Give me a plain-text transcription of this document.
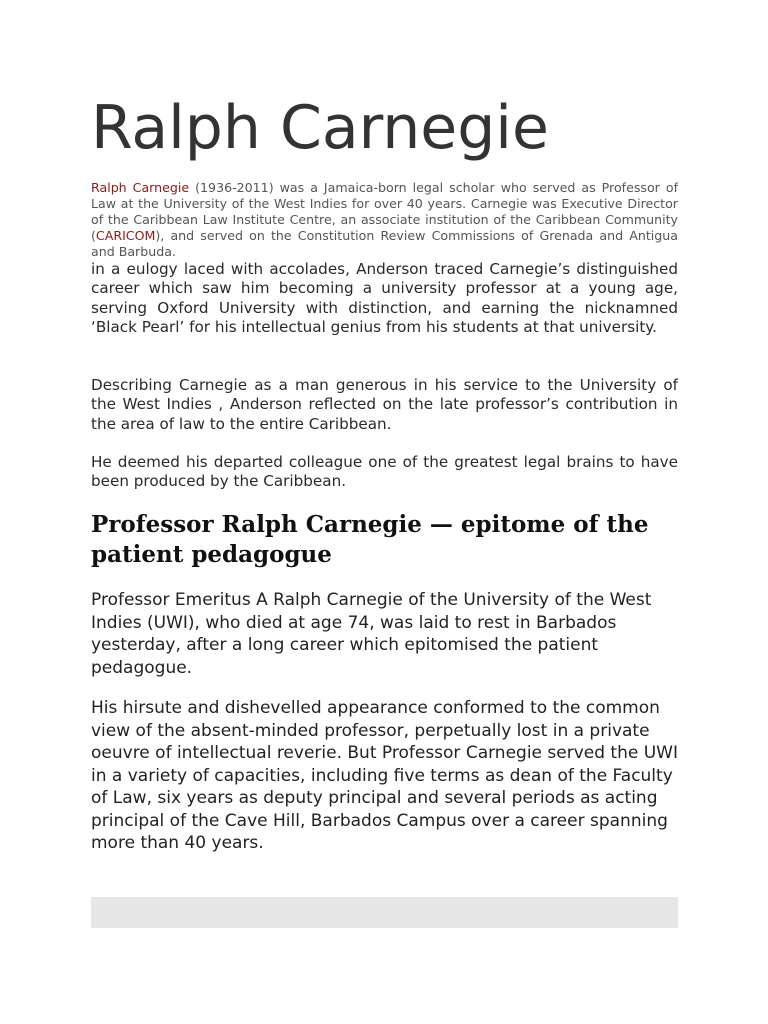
Ralph Carnegie

Ralph Carnegie (1936-2011) was a Jamaica-born legal scholar who served as Professor of Law at the University of the West Indies for over 40 years. Carnegie was Executive Director of the Caribbean Law Institute Centre, an associate institution of the Caribbean Community (CARICOM), and served on the Constitution Review Commissions of Grenada and Antigua and Barbuda.

in a eulogy laced with accolades, Anderson traced Carnegie’s distinguished career which saw him becoming a university professor at a young age, serving Oxford University with distinction, and earning the nicknamned ‘Black Pearl’ for his intellectual genius from his students at that university.

Describing Carnegie as a man generous in his service to the University of the West Indies , Anderson reflected on the late professor’s contribution in the area of law to the entire Caribbean.

He deemed his departed colleague one of the greatest legal brains to have been produced by the Caribbean.

Professor Ralph Carnegie — epitome of the patient pedagogue

Professor Emeritus A Ralph Carnegie of the University of the West Indies (UWI), who died at age 74, was laid to rest in Barbados yesterday, after a long career which epitomised the patient pedagogue.

His hirsute and dishevelled appearance conformed to the common view of the absent-minded professor, perpetually lost in a private oeuvre of intellectual reverie. But Professor Carnegie served the UWI in a variety of capacities, including five terms as dean of the Faculty of Law, six years as deputy principal and several periods as acting principal of the Cave Hill, Barbados Campus over a career spanning more than 40 years.
